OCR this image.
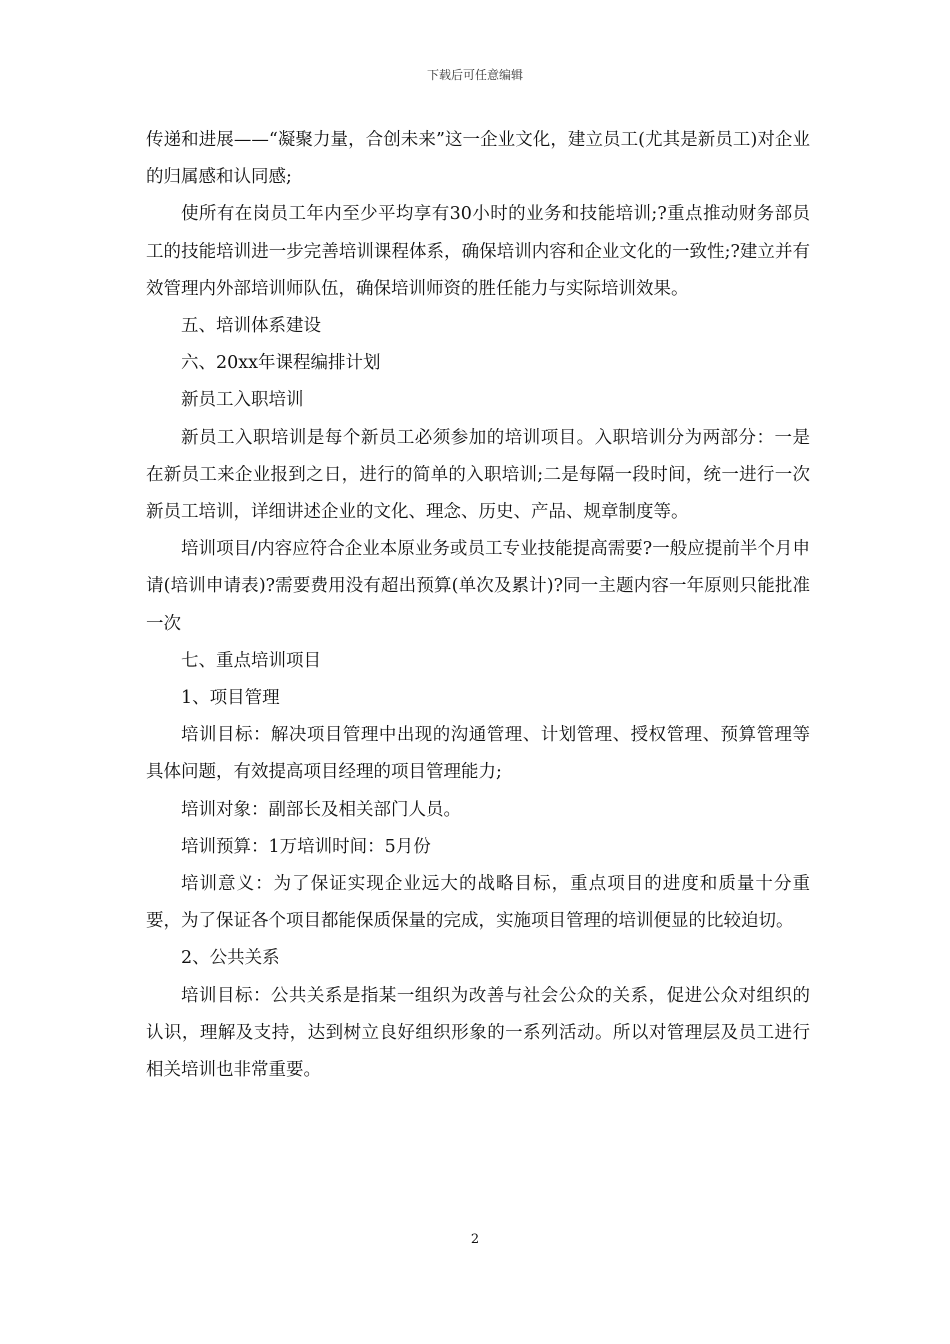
下载后可任意编辑

传递和进展——“凝聚力量，合创未来”这一企业文化，建立员工(尤其是新员工)对企业的归属感和认同感;

使所有在岗员工年内至少平均享有30小时的业务和技能培训;?重点推动财务部员工的技能培训进一步完善培训课程体系，确保培训内容和企业文化的一致性;?建立并有效管理内外部培训师队伍，确保培训师资的胜任能力与实际培训效果。

五、培训体系建设

六、20xx年课程编排计划

新员工入职培训

新员工入职培训是每个新员工必须参加的培训项目。入职培训分为两部分：一是在新员工来企业报到之日，进行的简单的入职培训;二是每隔一段时间，统一进行一次新员工培训，详细讲述企业的文化、理念、历史、产品、规章制度等。

培训项目/内容应符合企业本原业务或员工专业技能提高需要?一般应提前半个月申请(培训申请表)?需要费用没有超出预算(单次及累计)?同一主题内容一年原则只能批准一次

七、重点培训项目

1、项目管理

培训目标：解决项目管理中出现的沟通管理、计划管理、授权管理、预算管理等具体问题，有效提高项目经理的项目管理能力;

培训对象：副部长及相关部门人员。

培训预算：1万培训时间：5月份

培训意义：为了保证实现企业远大的战略目标，重点项目的进度和质量十分重要，为了保证各个项目都能保质保量的完成，实施项目管理的培训便显的比较迫切。

2、公共关系

培训目标：公共关系是指某一组织为改善与社会公众的关系，促进公众对组织的认识，理解及支持，达到树立良好组织形象的一系列活动。所以对管理层及员工进行相关培训也非常重要。

2
